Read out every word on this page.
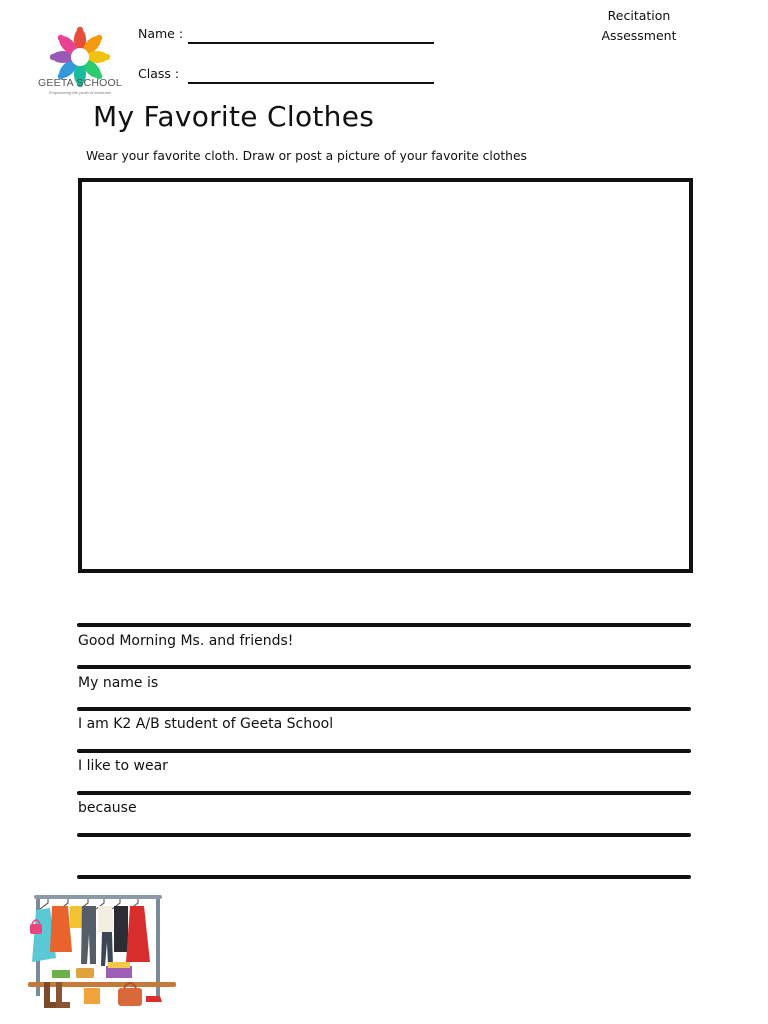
GEETA SCHOOL
Empowering the youth of tomorrow
Name :
Class :
Recitation
Assessment
My Favorite Clothes
Wear your favorite cloth. Draw or post a picture of your favorite clothes
Good Morning Ms. and friends!
My name is
I am K2 A/B student of Geeta School
I like to wear
because
